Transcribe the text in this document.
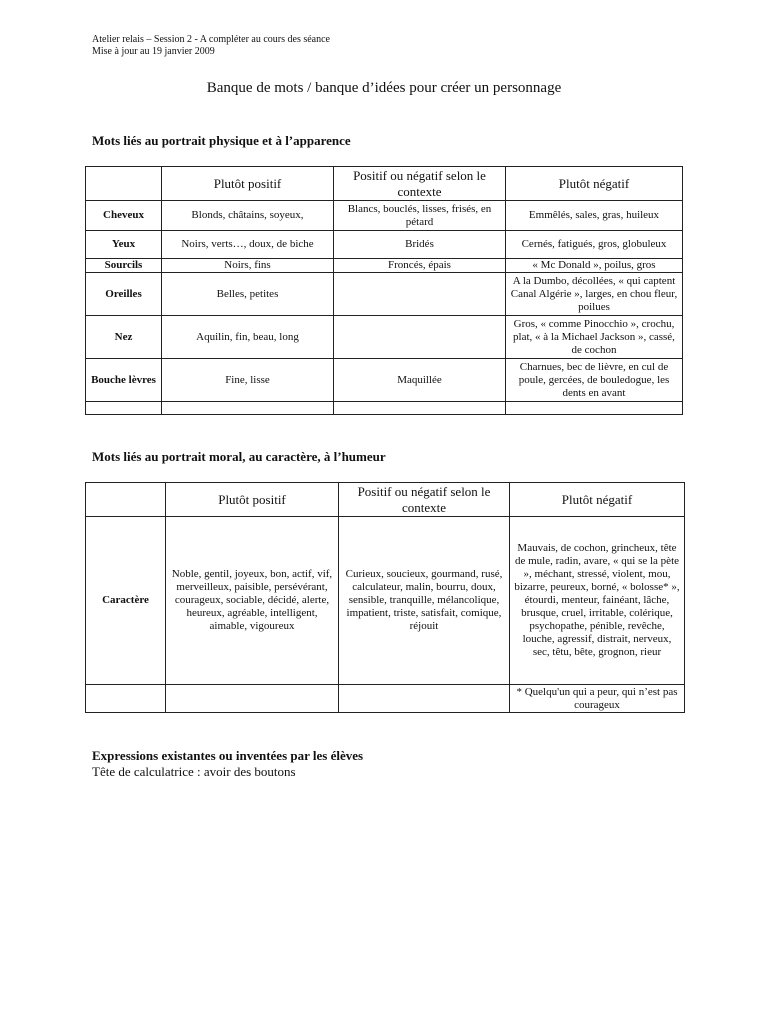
Atelier relais – Session 2 - A compléter au cours des séance
Mise à jour au 19 janvier 2009
Banque de mots / banque d’idées pour créer un personnage
Mots liés au portrait physique et à l’apparence
	Plutôt positif	Positif ou négatif selon le contexte	Plutôt négatif
Cheveux	Blonds, châtains, soyeux,	Blancs, bouclés, lisses, frisés, en pétard	Emmêlés, sales, gras, huileux
Yeux	Noirs, verts…, doux, de biche	Bridés	Cernés, fatigués, gros, globuleux
Sourcils	Noirs, fins	Froncés, épais	« Mc Donald », poilus, gros
Oreilles	Belles, petites		A la Dumbo, décollées, « qui captent Canal Algérie », larges, en chou fleur, poilues
Nez	Aquilin, fin, beau, long		Gros, « comme Pinocchio », crochu, plat, « à la Michael Jackson », cassé, de cochon
Bouche lèvres	Fine, lisse	Maquillée	Charnues, bec de lièvre, en cul de poule, gercées, de bouledogue, les dents en avant

Mots liés au portrait moral, au caractère, à l’humeur
	Plutôt positif	Positif ou négatif selon le contexte	Plutôt négatif
Caractère	Noble, gentil, joyeux, bon, actif, vif, merveilleux, paisible, persévérant, courageux, sociable, décidé, alerte, heureux, agréable, intelligent, aimable, vigoureux	Curieux, soucieux, gourmand, rusé, calculateur, malin, bourru, doux, sensible, tranquille, mélancolique, impatient, triste, satisfait, comique, réjouit	Mauvais, de cochon, grincheux, tête de mule, radin, avare, « qui se la pète », méchant, stressé, violent, mou, bizarre, peureux, borné, « bolosse* », étourdi, menteur, fainéant, lâche, brusque, cruel, irritable, colérique, psychopathe, pénible, revêche, louche, agressif, distrait, nerveux, sec, têtu, bête, grognon, rieur
			* Quelqu'un qui a peur, qui n’est pas courageux
Expressions existantes ou inventées par les élèves
Tête de calculatrice : avoir des boutons
